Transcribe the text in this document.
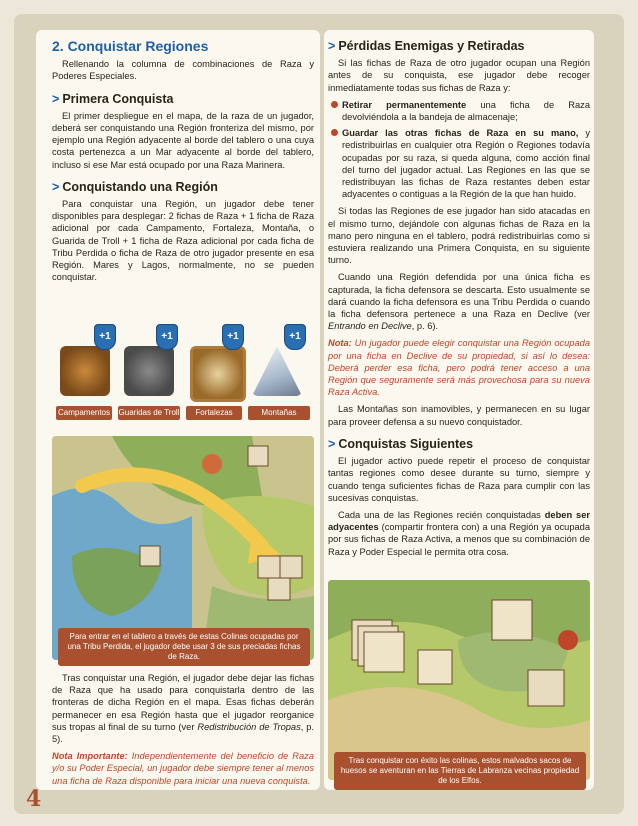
2. Conquistar Regiones

Rellenando la columna de combinaciones de Raza y Poderes Especiales.

> Primera Conquista

El primer despliegue en el mapa, de la raza de un jugador, deberá ser conquistando una Región fronteriza del mismo, por ejemplo una Región adyacente al borde del tablero o una cuya costa pertenezca a un Mar adyacente al borde del tablero, incluso si ese Mar está ocupado por una Raza Marinera.

> Conquistando una Región

Para conquistar una Región, un jugador debe tener disponibles para desplegar: 2 fichas de Raza + 1 ficha de Raza adicional por cada Campamento, Fortaleza, Montaña, o Guarida de Troll + 1 ficha de Raza adicional por cada ficha de Tribu Perdida o ficha de Raza de otro jugador presente en esa Región. Mares y Lagos, normalmente, no se pueden conquistar.

+1	+1	+1	+1
Campamentos Guaridas de Troll	Fortalezas	Montañas
Para entrar en el tablero a través de estas Colinas ocupadas por una Tribu Perdida, el jugador debe usar 3 de sus preciadas fichas de Raza.

Tras conquistar una Región, el jugador debe dejar las fichas de Raza que ha usado para conquistarla dentro de las fronteras de dicha Región en el mapa. Esas fichas deberán permanecer en esa Región hasta que el jugador reorganice sus tropas al final de su turno (ver Redistribución de Tropas, p. 5).

Nota Importante: Independientemente del beneficio de Raza y/o su Poder Especial, un jugador debe siempre tener al menos una ficha de Raza disponible para iniciar una nueva conquista.

> Pérdidas Enemigas y Retiradas

Si las fichas de Raza de otro jugador ocupan una Región antes de su conquista, ese jugador debe recoger inmediatamente todas sus fichas de Raza y:

Retirar permanentemente una ficha de Raza devolviéndola a la bandeja de almacenaje;
Guardar las otras fichas de Raza en su mano, y redistribuirlas en cualquier otra Región o Regiones todavía ocupadas por su raza, si queda alguna, como acción final del turno del jugador actual. Las Regiones en las que se redistribuyan las fichas de Raza restantes deben estar adyacentes o contiguas a la Región de la que han huido.

Si todas las Regiones de ese jugador han sido atacadas en el mismo turno, dejándole con algunas fichas de Raza en la mano pero ninguna en el tablero, podrá redistribuirlas como si estuviera realizando una Primera Conquista, en su siguiente turno.

Cuando una Región defendida por una única ficha es capturada, la ficha defensora se descarta. Esto usualmente se dará cuando la ficha defensora es una Tribu Perdida o cuando la ficha defensora pertenece a una Raza en Declive (ver Entrando en Declive, p. 6).

Nota: Un jugador puede elegir conquistar una Región ocupada por una ficha en Declive de su propiedad, si así lo desea: Deberá perder esa ficha, pero podrá tener acceso a una Región que seguramente será más provechosa para su nueva Raza Activa.

Las Montañas son inamovibles, y permanecen en su lugar para proveer defensa a su nuevo conquistador.

> Conquistas Siguientes

El jugador activo puede repetir el proceso de conquistar tantas regiones como desee durante su turno, siempre y cuando tenga suficientes fichas de Raza para cumplir con las sucesivas conquistas.

Cada una de las Regiones recién conquistadas deben ser adyacentes (compartir frontera con) a una Región ya ocupada por sus fichas de Raza Activa, a menos que su combinación de Raza y Poder Especial le permita otra cosa.

Tras conquistar con éxito las colinas, estos malvados sacos de huesos se aventuran en las Tierras de Labranza vecinas propiedad de los Elfos.
4
